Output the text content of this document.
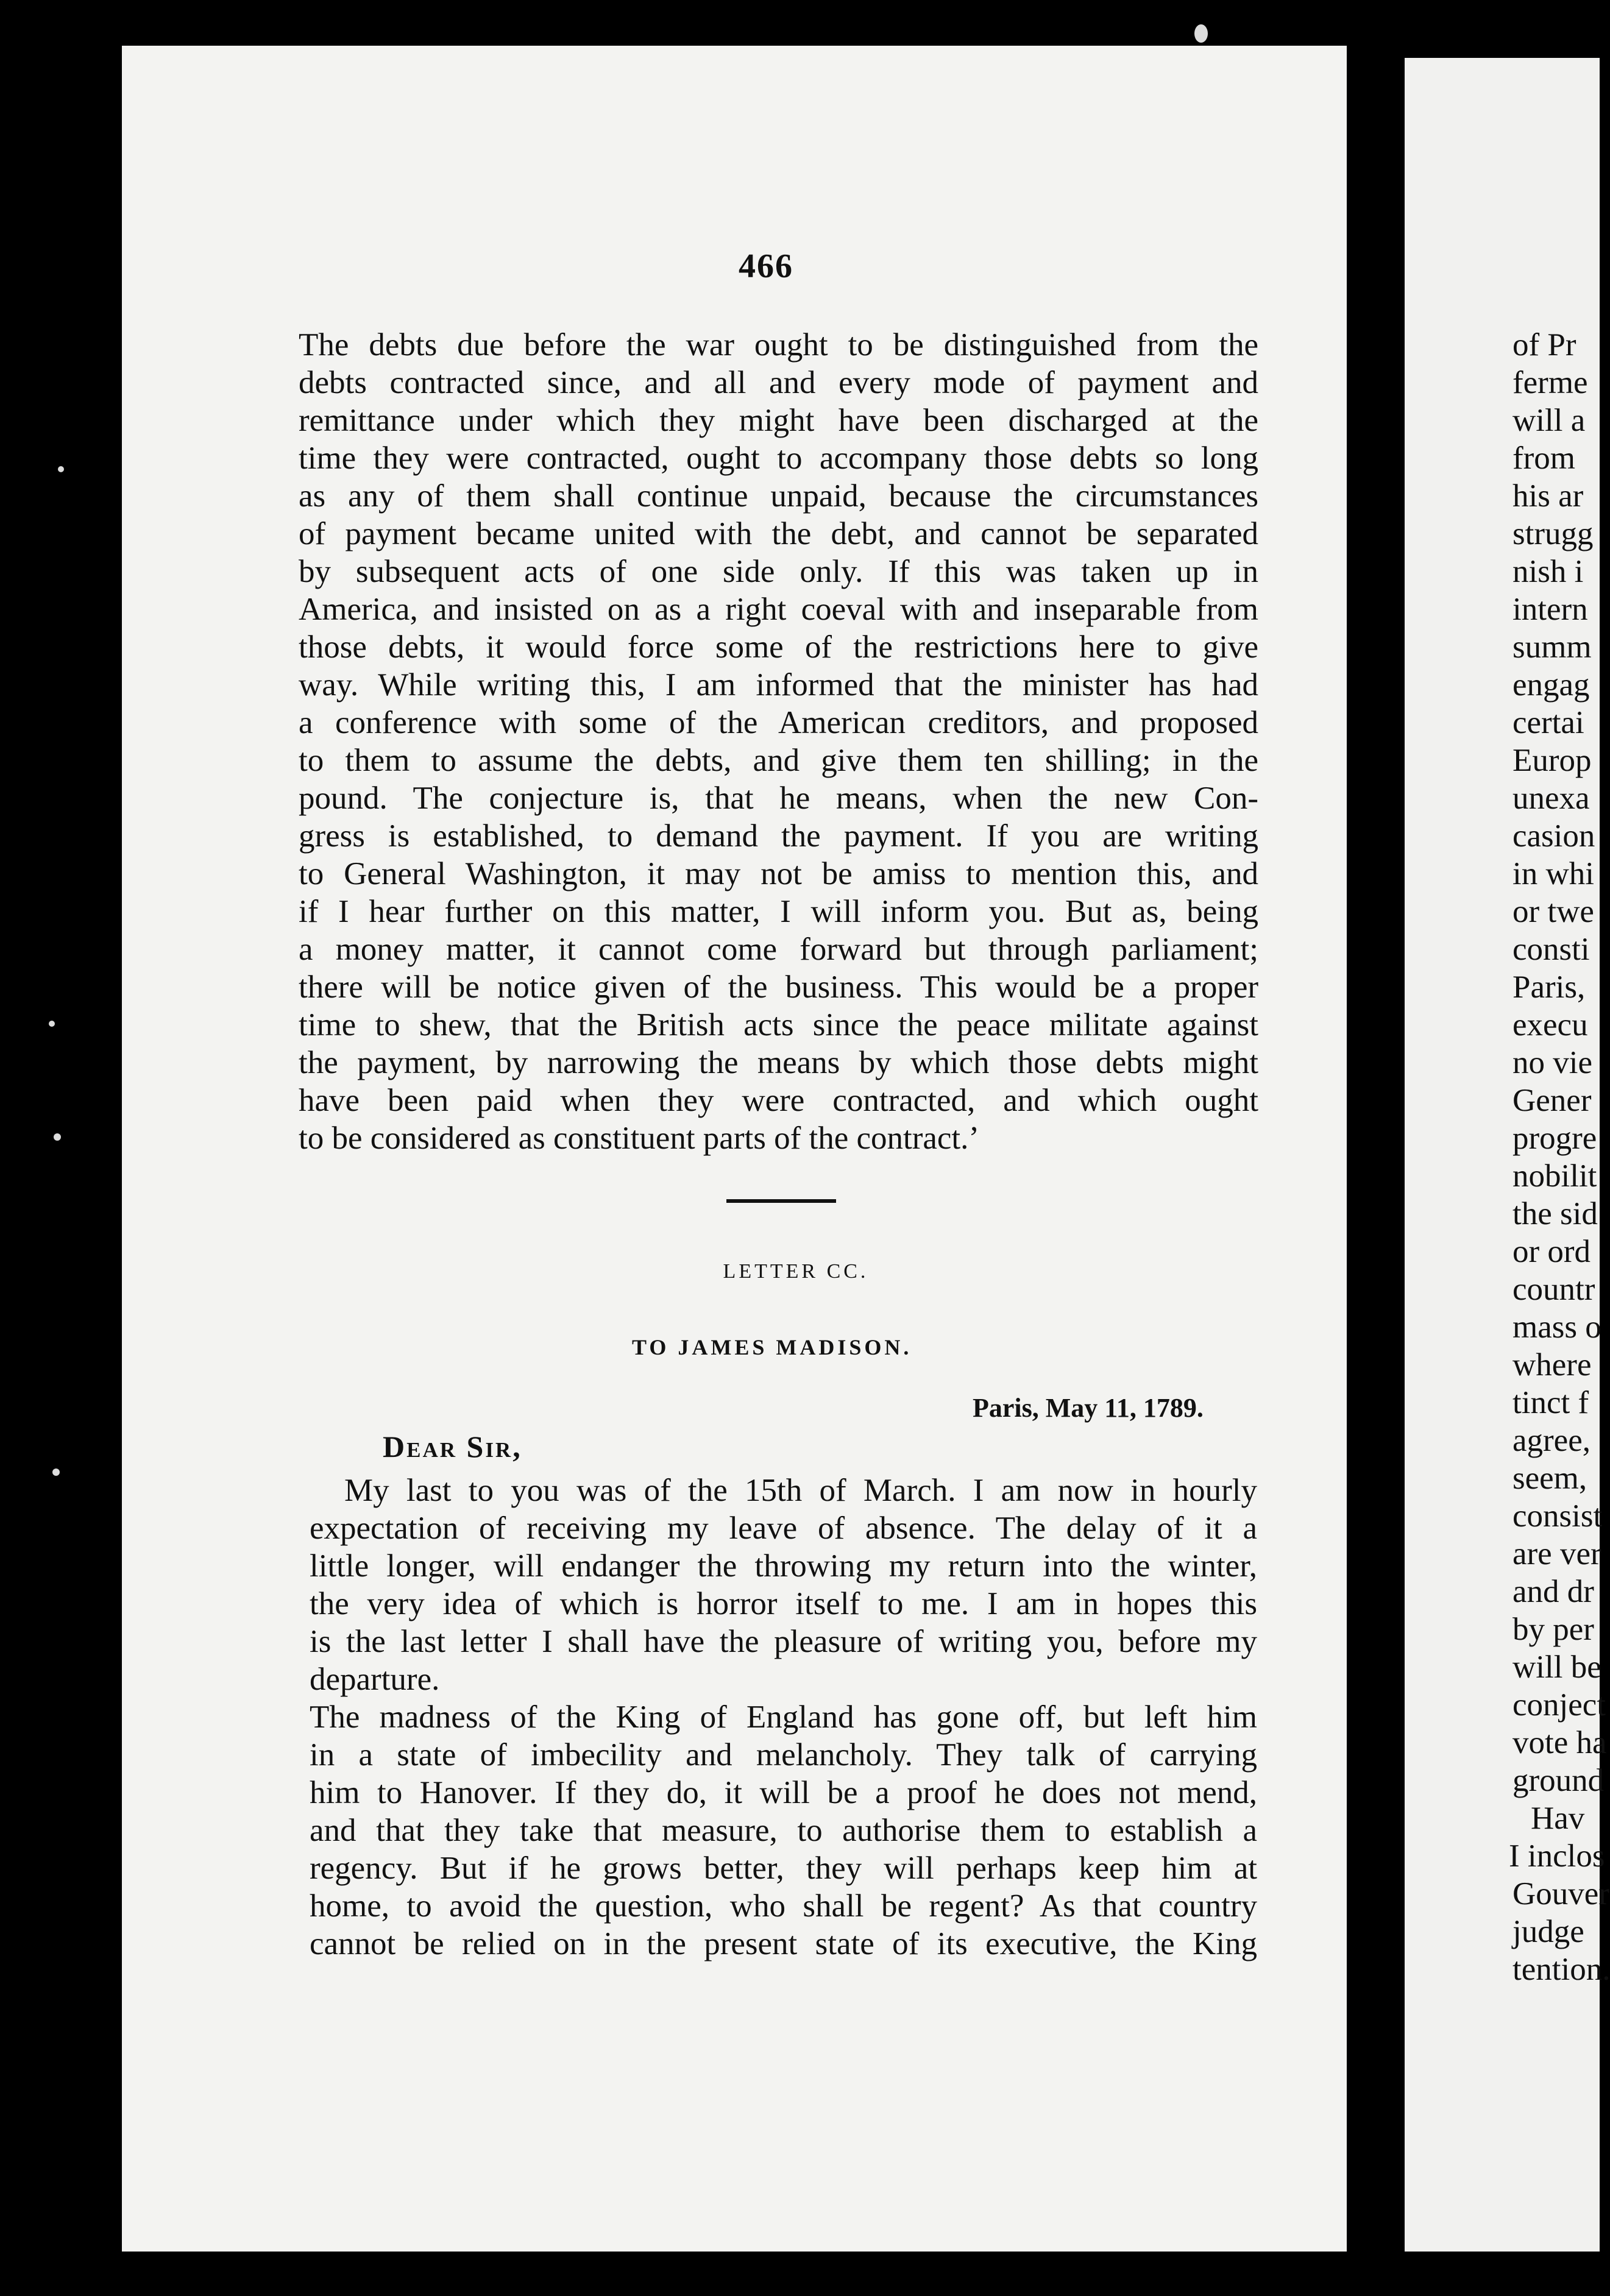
466
The debts due before the war ought to be distinguished from the
debts contracted since, and all and every mode of payment and
remittance under which they might have been discharged at the
time they were contracted, ought to accompany those debts so long
as any of them shall continue unpaid, because the circumstances
of payment became united with the debt, and cannot be separated
by subsequent acts of one side only. If this was taken up in
America, and insisted on as a right coeval with and inseparable from
those debts, it would force some of the restrictions here to give
way. While writing this, I am informed that the minister has had
a conference with some of the American creditors, and proposed
to them to assume the debts, and give them ten shilling; in the
pound. The conjecture is, that he means, when the new Con-
gress is established, to demand the payment. If you are writing
to General Washington, it may not be amiss to mention this, and
if I hear further on this matter, I will inform you. But as, being
a money matter, it cannot come forward but through parliament;
there will be notice given of the business. This would be a proper
time to shew, that the British acts since the peace militate against
the payment, by narrowing the means by which those debts might
have been paid when they were contracted, and which ought
to be considered as constituent parts of the contract.’
LETTER CC.
TO JAMES MADISON.
Paris, May 11, 1789.
Dear Sir,
My last to you was of the 15th of March. I am now in hourly
expectation of receiving my leave of absence. The delay of it a
little longer, will endanger the throwing my return into the winter,
the very idea of which is horror itself to me. I am in hopes this
is the last letter I shall have the pleasure of writing you, before my
departure.
The madness of the King of England has gone off, but left him
in a state of imbecility and melancholy. They talk of carrying
him to Hanover. If they do, it will be a proof he does not mend,
and that they take that measure, to authorise them to establish a
regency. But if he grows better, they will perhaps keep him at
home, to avoid the question, who shall be regent? As that country
cannot be relied on in the present state of its executive, the King
of Pr
ferme
will a
from
his ar
strugg
nish i
intern
summ
engag
certai
Europ
unexa
casion
in whi
or twe
consti
Paris,
execu
no vie
Gener
progre
nobilit
the sid
or ord
countr
mass o
where
tinct f
agree,
seem,
consist
are ver
and dr
by per
will be
conject
vote ha
ground
Hav
I inclos
Gouver
judge
tention.
